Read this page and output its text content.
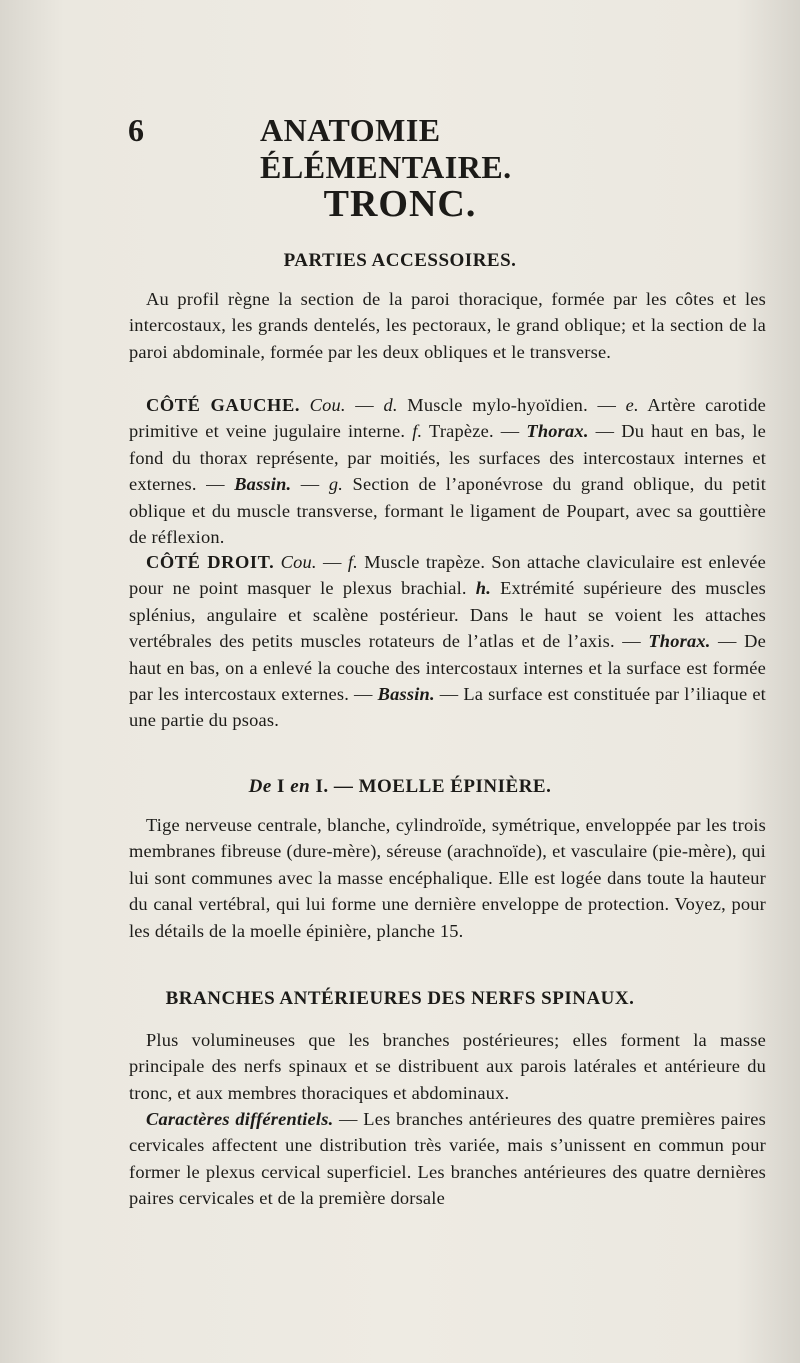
6	ANATOMIE ÉLÉMENTAIRE.
TRONC.
PARTIES ACCESSOIRES.

Au profil règne la section de la paroi thoracique, formée par les côtes et les intercostaux, les grands dentelés, les pectoraux, le grand oblique; et la section de la paroi abdominale, formée par les deux obliques et le transverse.

CÔTÉ GAUCHE. Cou. — d. Muscle mylo-hyoïdien. — e. Artère carotide primitive et veine jugulaire interne. f. Trapèze. — Thorax. — Du haut en bas, le fond du thorax représente, par moitiés, les surfaces des intercostaux internes et externes. — Bassin. — g. Section de l’aponévrose du grand oblique, du petit oblique et du muscle transverse, formant le ligament de Poupart, avec sa gouttière de réflexion.

CÔTÉ DROIT. Cou. — f. Muscle trapèze. Son attache claviculaire est enlevée pour ne point masquer le plexus brachial. h. Extrémité supérieure des muscles splénius, angulaire et scalène postérieur. Dans le haut se voient les attaches vertébrales des petits muscles rotateurs de l’atlas et de l’axis. — Thorax. — De haut en bas, on a enlevé la couche des intercostaux internes et la surface est formée par les intercostaux externes. — Bassin. — La surface est constituée par l’iliaque et une partie du psoas.

De I en I. — MOELLE ÉPINIÈRE.

Tige nerveuse centrale, blanche, cylindroïde, symétrique, enveloppée par les trois membranes fibreuse (dure-mère), séreuse (arachnoïde), et vasculaire (pie-mère), qui lui sont communes avec la masse encéphalique. Elle est logée dans toute la hauteur du canal vertébral, qui lui forme une dernière enveloppe de protection. Voyez, pour les détails de la moelle épinière, planche 15.

BRANCHES ANTÉRIEURES DES NERFS SPINAUX.

Plus volumineuses que les branches postérieures; elles forment la masse principale des nerfs spinaux et se distribuent aux parois latérales et antérieure du tronc, et aux membres thoraciques et abdominaux.

Caractères différentiels. — Les branches antérieures des quatre premières paires cervicales affectent une distribution très variée, mais s’unissent en commun pour former le plexus cervical superficiel. Les branches antérieures des quatre dernières paires cervicales et de la première dorsale
